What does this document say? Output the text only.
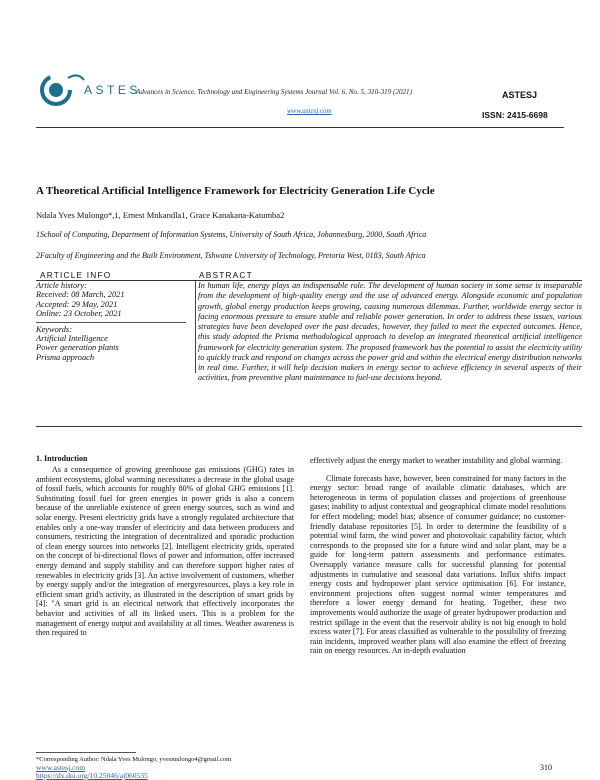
ASTES
Advances in Science, Technology and Engineering Systems Journal Vol. 6, No. 5, 310-319 (2021)
www.astesj.com
ASTESJ
ISSN: 2415-6698
A Theoretical Artificial Intelligence Framework for Electricity Generation Life Cycle
Ndala Yves Mulongo*,1, Ernest Mnkandla1, Grace Kanakana-Katumba2
1School of Computing, Department of Information Systems, University of South Africa, Johannesburg, 2000, South Africa
2Faculty of Engineering and the Built Environment, Tshwane University of Technology, Pretoria West, 0183, South Africa
ARTICLE INFO	ABSTRACT
Article history:
Received: 08 March, 2021
Accepted: 29 May, 2021
Online: 23 October, 2021
Keywords:
Artificial Intelligence
Power generation plants
Prisma approach
In human life, energy plays an indispensable role. The development of human society in some sense is inseparable from the development of high-quality energy and the use of advanced energy. Alongside economic and population growth, global energy production keeps growing, causing numerous dilemmas. Further, worldwide energy sector is facing enormous pressure to ensure stable and reliable power generation. In order to address these issues, various strategies have been developed over the past decades, however, they failed to meet the expected outcomes. Hence, this study adopted the Prisma methodological approach to develop an integrated theoretical artificial intelligence framework for electricity generation system. The proposed framework has the potential to assist the electricity utility to quickly track and respond on changes across the power grid and within the electrical energy distribution networks in real time. Further, it will help decision makers in energy sector to achieve efficiency in several aspects of their activities, from preventive plant maintenance to fuel-use decisions beyond.
1. Introduction

As a consequence of growing greenhouse gas emissions (GHG) rates in ambient ecosystems, global warming necessitates a decrease in the global usage of fossil fuels, which accounts for roughly 80% of global GHG emissions [1]. Substituting fossil fuel for green energies in power grids is also a concern because of the unreliable existence of green energy sources, such as wind and solar energy. Present electricity grids have a strongly regulated architecture that enables only a one-way transfer of electricity and data between producers and consumers, restricting the integration of decentralized and sporadic production of clean energy sources into networks [2]. Intelligent electricity grids, operated on the concept of bi-directional flows of power and information, offer increased energy demand and supply stability and can therefore support higher rates of renewables in electricity grids [3]. An active involvement of customers, whether by energy supply and/or the integration of energyresources, plays a key role in efficient smart grid's activity, as illustrated in the description of smart grids by [4]: "A smart grid is an electrical network that effectively incorporates the behavior and activities of all its linked users. This is a problem for the management of energy output and availability at all times. Weather awareness is then required to

effectively adjust the energy market to weather instability and global warming.

Climate forecasts have, however, been constrained for many factors in the energy sector: broad range of available climatic databases, which are heterogeneous in terms of population classes and projections of greenhouse gases; inability to adjust contextual and geographical climate model resolutions for effect modeling; model bias; absence of consumer guidance; no customer-friendly database repositories [5]. In order to determine the feasibility of a potential wind farm, the wind power and photovoltaic capability factor, which corresponds to the proposed site for a future wind and solar plant, may be a guide for long-term pattern assessments and performance estimates. Oversupply variance measure calls for successful planning for potential adjustments in cumulative and seasonal data variations. Influx shifts impact energy costs and hydropower plant service optimisation [6]. For instance, environment projections often suggest normal winter temperatures and therefore a lower energy demand for heating. Together, these two improvements would authorize the usage of greater hydropower production and restrict spillage in the event that the reservoir ability is not big enough to hold excess water [7]. For areas classified as vulnerable to the possibility of freezing rain incidents, improved weather plans will also examine the effect of freezing rain on energy resources. An in-depth evaluation

*Corresponding Author: Ndala Yves Mulongo, yvesmulongo4@gmail.com
www.astesj.com
https://dx.doi.org/10.25046/aj060535
310
